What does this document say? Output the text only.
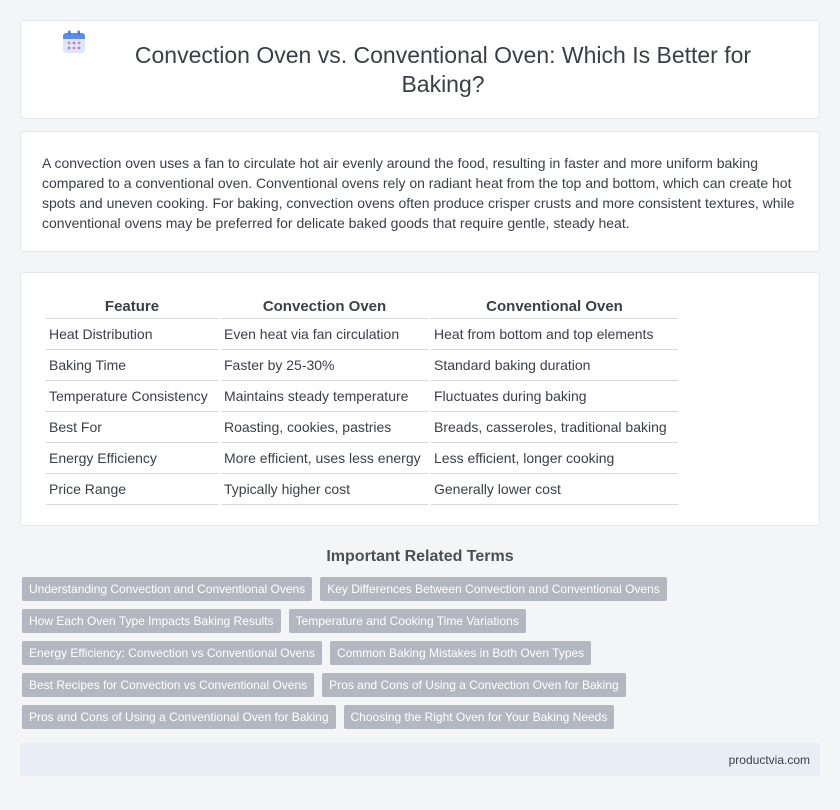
Convection Oven vs. Conventional Oven: Which Is Better for Baking?

A convection oven uses a fan to circulate hot air evenly around the food, resulting in faster and more uniform baking compared to a conventional oven. Conventional ovens rely on radiant heat from the top and bottom, which can create hot spots and uneven cooking. For baking, convection ovens often produce crisper crusts and more consistent textures, while conventional ovens may be preferred for delicate baked goods that require gentle, steady heat.

Feature	Convection Oven	Conventional Oven
Heat Distribution	Even heat via fan circulation	Heat from bottom and top elements
Baking Time	Faster by 25-30%	Standard baking duration
Temperature Consistency	Maintains steady temperature	Fluctuates during baking
Best For	Roasting, cookies, pastries	Breads, casseroles, traditional baking
Energy Efficiency	More efficient, uses less energy	Less efficient, longer cooking
Price Range	Typically higher cost	Generally lower cost
Important Related Terms
Understanding Convection and Conventional Ovens	Key Differences Between Convection and Conventional Ovens
How Each Oven Type Impacts Baking Results	Temperature and Cooking Time Variations
Energy Efficiency: Convection vs Conventional Ovens	Common Baking Mistakes in Both Oven Types
Best Recipes for Convection vs Conventional Ovens	Pros and Cons of Using a Convection Oven for Baking
Pros and Cons of Using a Conventional Oven for Baking	Choosing the Right Oven for Your Baking Needs
productvia.com
